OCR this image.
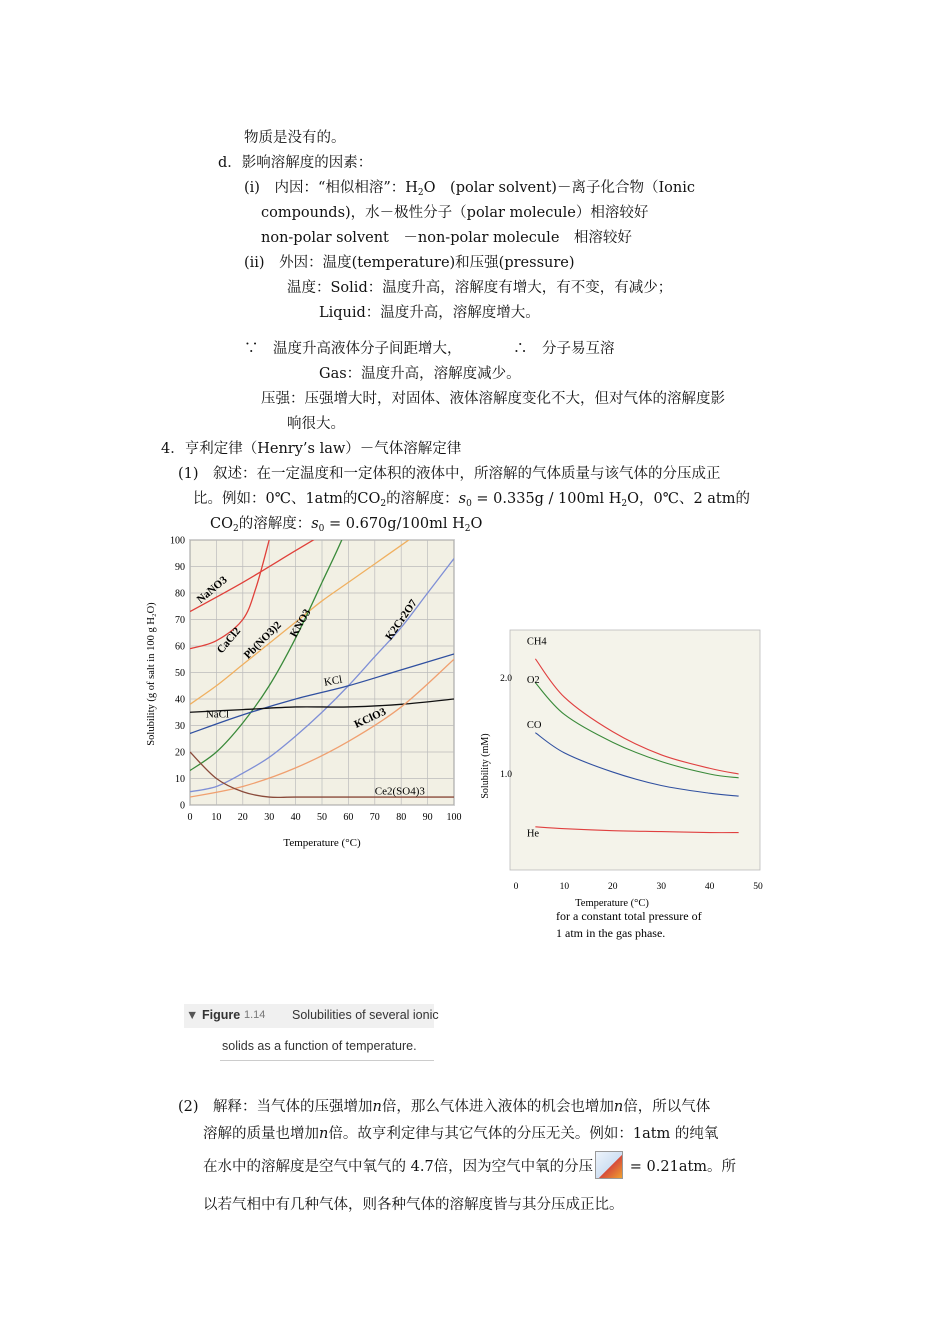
物质是没有的。
d．影响溶解度的因素：
(i)　内因：“相似相溶”：$H_2O$　(polar solvent)－离子化合物（Ionic
compounds)，水－极性分子（polar molecule）相溶较好
non-polar solvent　－non-polar molecule　相溶较好
(ii)　外因：温度(temperature)和压强(pressure)
温度：Solid：温度升高，溶解度有增大，有不变，有减少；
Liquid：温度升高，溶解度增大。
∵　温度升高液体分子间距增大，	∴　分子易互溶
Gas：温度升高，溶解度减少。
压强：压强增大时，对固体、液体溶解度变化不大，但对气体的溶解度影
响很大。
4．亨利定律（Henry’s law）－气体溶解定律
(1)　叙述：在一定温度和一定体积的液体中，所溶解的气体质量与该气体的分压成正
比。例如：0℃、1atm的$CO_2$的溶解度：$s_0 = 0.335g / 100ml$ $H_2O$，0℃、2 atm的
$CO_2$的溶解度：$s_0 = 0.670g/100ml$ $H_2O$
0 10 20 30 40 50 60 70 80 90 100
0
10
20
30
40
50
60
70
80
90
100
NaNO3
CaCl2
Pb(NO3)2 KNO3	K2Cr2O7
KCl
NaCl	KClO3
Ce2(SO4)3
Temperature (°C)
Solubility (g of salt in 100 g H₂O)
0	10	20	30	40	50
1.0
2.0
CH4
O2
CO
He
Temperature (°C)
Solubility (mM)
for a constant total pressure of
1 atm in the gas phase.
▼ Figure 1.14 Solubilities of several ionic
solids as a function of temperature.
(2)　解释：当气体的压强增加n倍，那么气体进入液体的机会也增加n倍，所以气体
溶解的质量也增加n倍。故亨利定律与其它气体的分压无关。例如：1atm 的纯氧
在水中的溶解度是空气中氧气的 4.7倍，因为空气中氧的分压 = 0.21atm。所
以若气相中有几种气体，则各种气体的溶解度皆与其分压成正比。
